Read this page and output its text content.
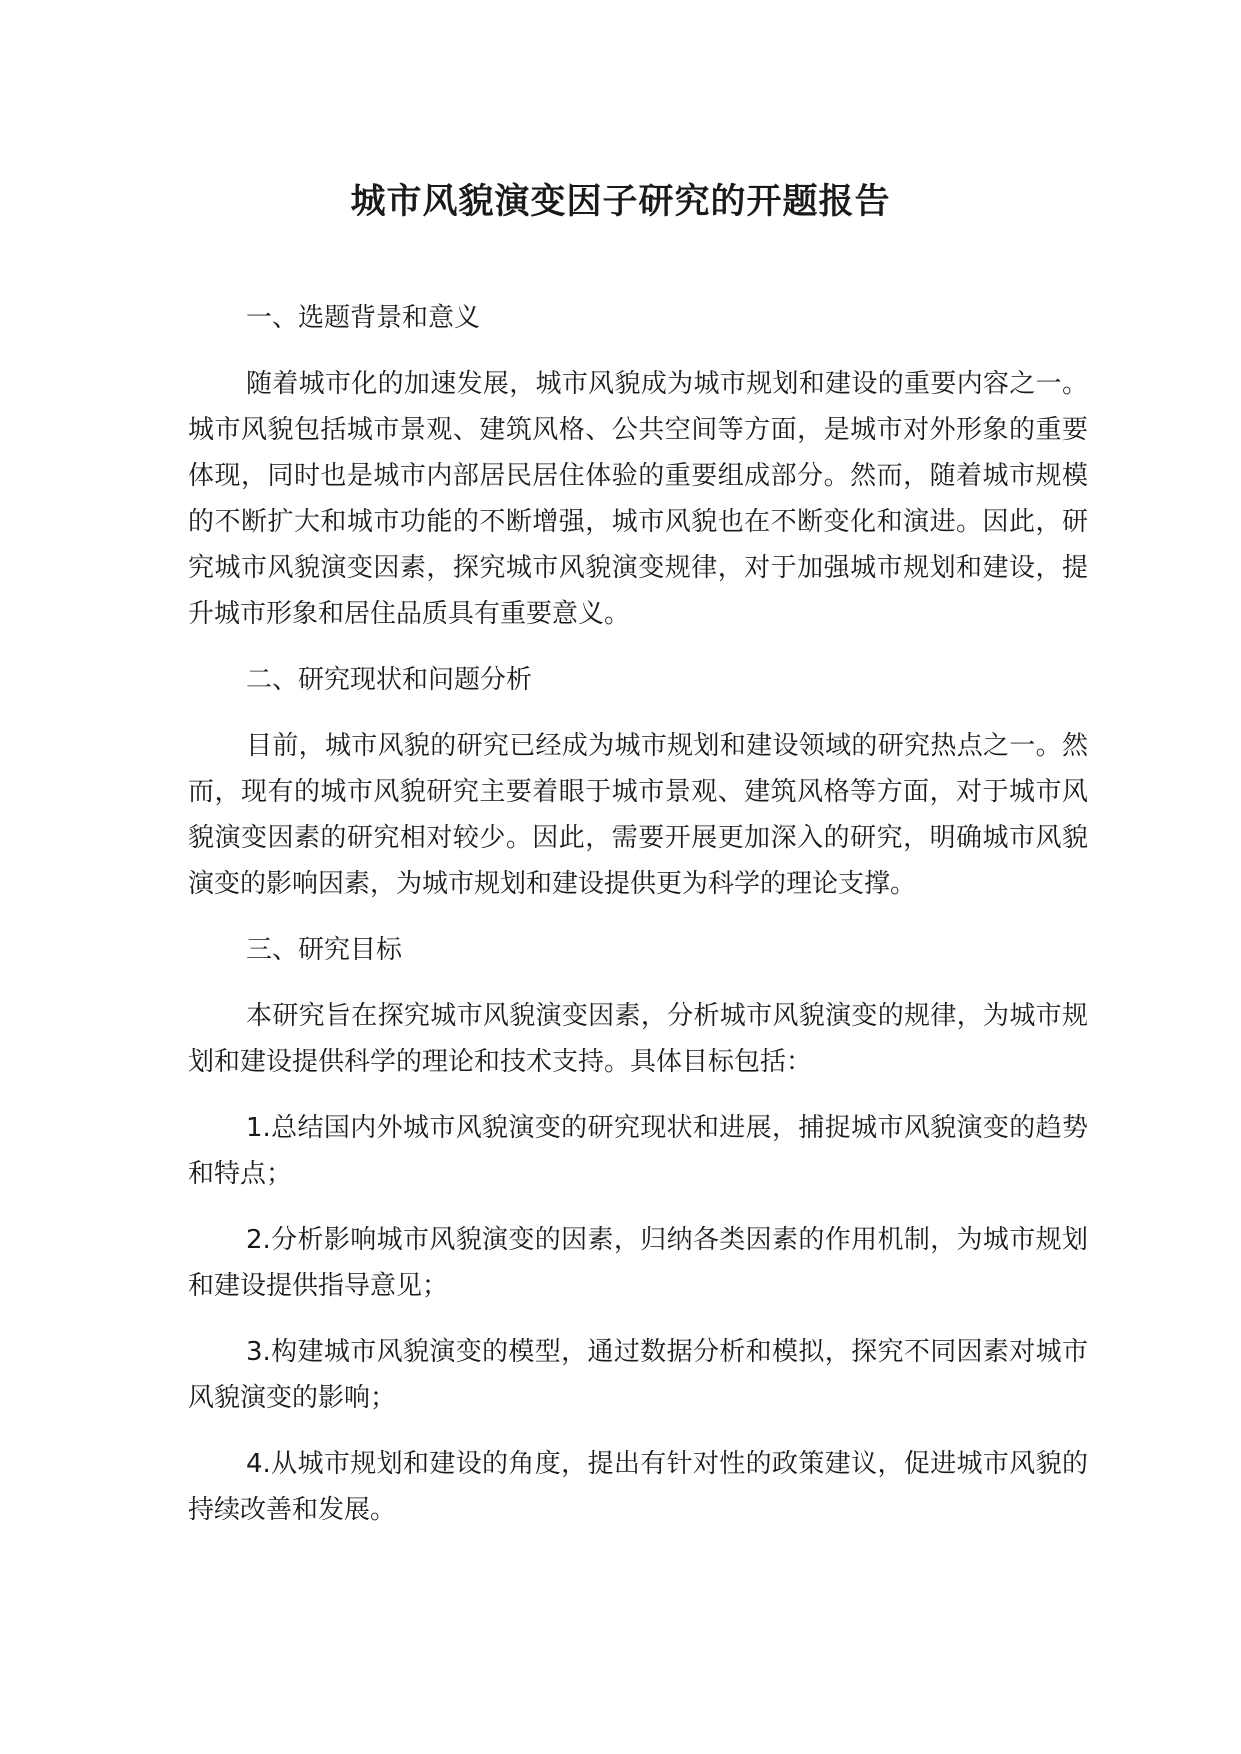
城市风貌演变因子研究的开题报告

一、选题背景和意义

随着城市化的加速发展，城市风貌成为城市规划和建设的重要内容之一。城市风貌包括城市景观、建筑风格、公共空间等方面，是城市对外形象的重要体现，同时也是城市内部居民居住体验的重要组成部分。然而，随着城市规模的不断扩大和城市功能的不断增强，城市风貌也在不断变化和演进。因此，研究城市风貌演变因素，探究城市风貌演变规律，对于加强城市规划和建设，提升城市形象和居住品质具有重要意义。

二、研究现状和问题分析

目前，城市风貌的研究已经成为城市规划和建设领域的研究热点之一。然而，现有的城市风貌研究主要着眼于城市景观、建筑风格等方面，对于城市风貌演变因素的研究相对较少。因此，需要开展更加深入的研究，明确城市风貌演变的影响因素，为城市规划和建设提供更为科学的理论支撑。

三、研究目标

本研究旨在探究城市风貌演变因素，分析城市风貌演变的规律，为城市规划和建设提供科学的理论和技术支持。具体目标包括：

1.总结国内外城市风貌演变的研究现状和进展，捕捉城市风貌演变的趋势和特点；

2.分析影响城市风貌演变的因素，归纳各类因素的作用机制，为城市规划和建设提供指导意见；

3.构建城市风貌演变的模型，通过数据分析和模拟，探究不同因素对城市风貌演变的影响；

4.从城市规划和建设的角度，提出有针对性的政策建议，促进城市风貌的持续改善和发展。
